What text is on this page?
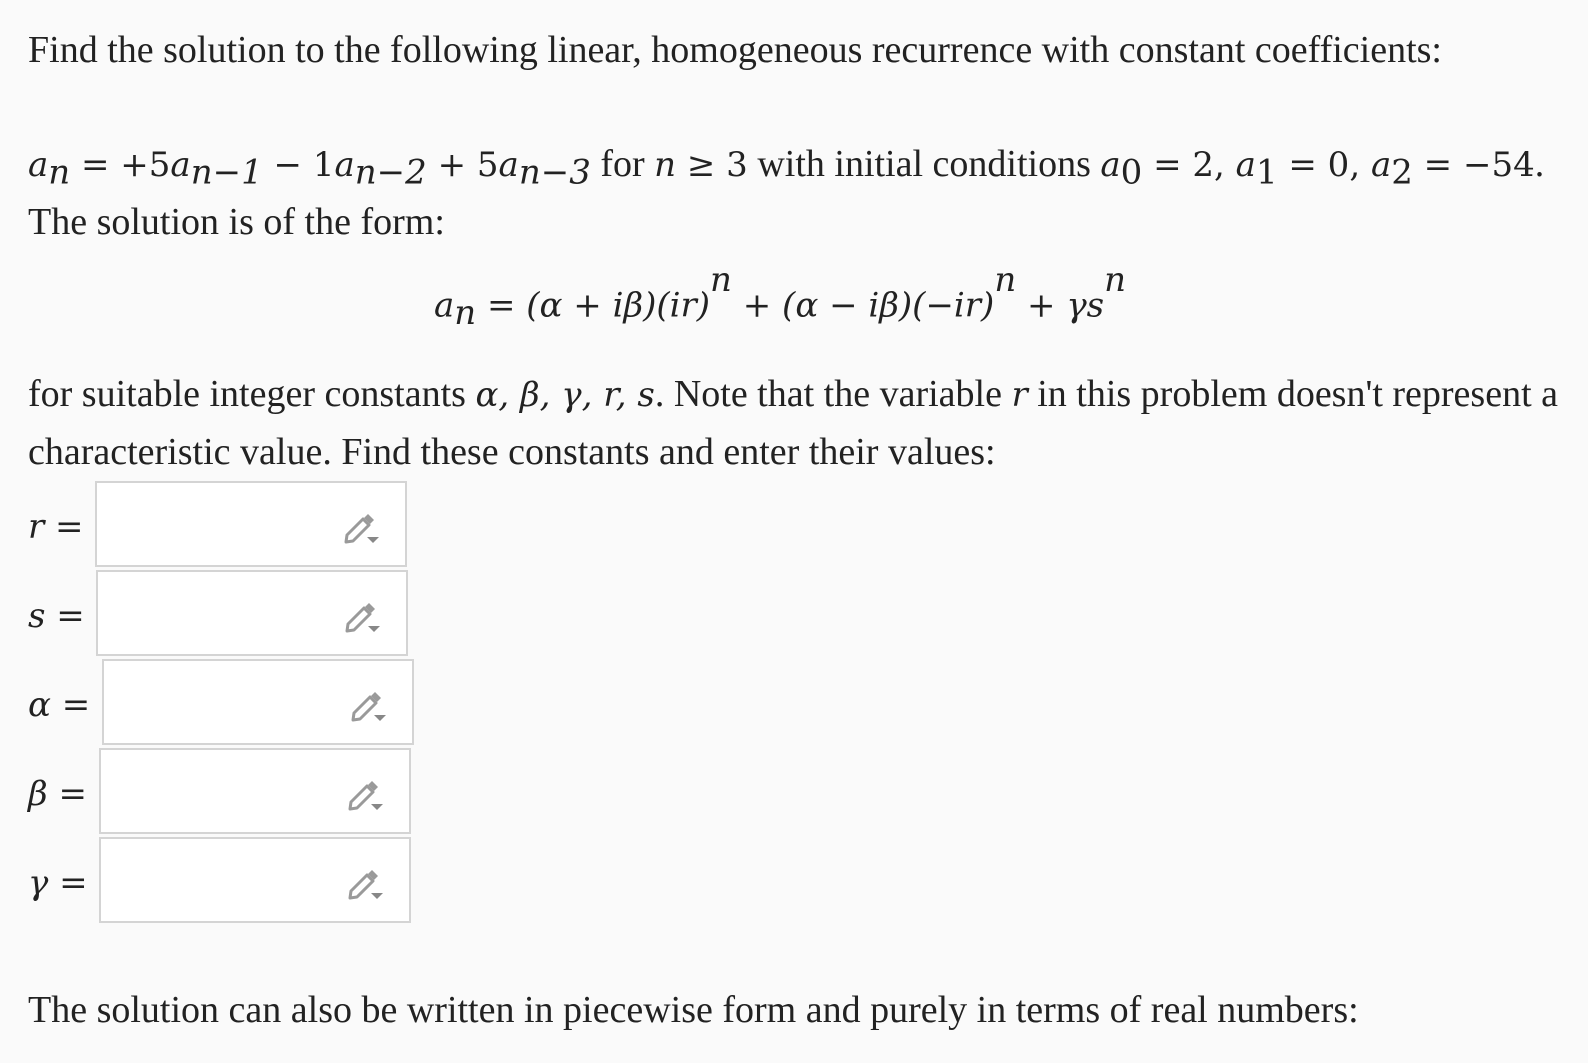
Find the solution to the following linear, homogeneous recurrence with constant coefficients:

$a_n = +5a_{n-1} - 1a_{n-2} + 5a_{n-3}$ for n ≥ 3 with initial conditions $a_0 = 2$, $a_1 = 0$, $a_2 = -54$. The solution is of the form:
$a_n = (\alpha + i\beta)(ir)^n + (\alpha - i\beta)(-ir)^n + \gamma s^n$
for suitable integer constants α, β, γ, r, s. Note that the variable r in this problem doesn't represent a characteristic value. Find these constants and enter their values:
r =
s =
α =
β =
γ =

The solution can also be written in piecewise form and purely in terms of real numbers:
